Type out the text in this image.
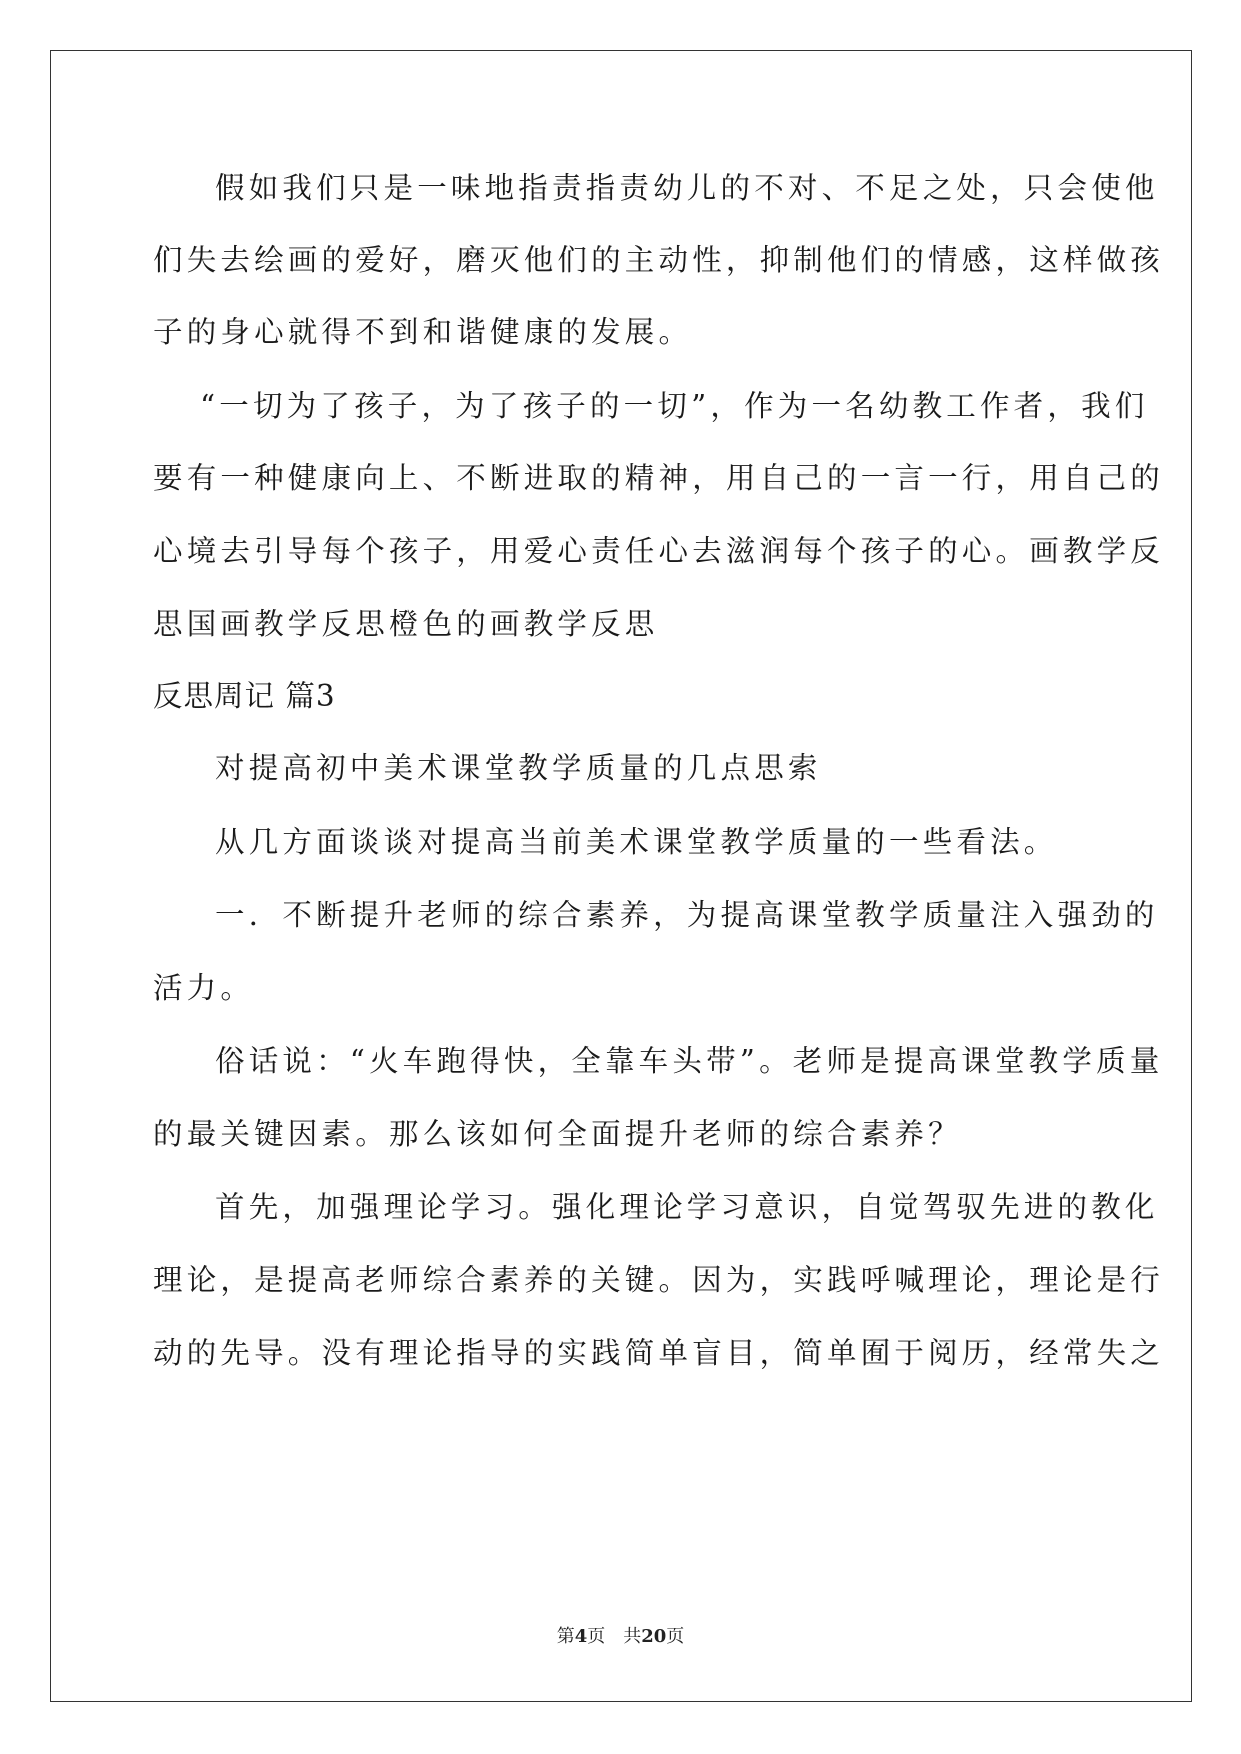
假如我们只是一味地指责指责幼儿的不对、不足之处，只会使他
们失去绘画的爱好，磨灭他们的主动性，抑制他们的情感，这样做孩
子的身心就得不到和谐健康的发展。
“一切为了孩子，为了孩子的一切”，作为一名幼教工作者，我们
要有一种健康向上、不断进取的精神，用自己的一言一行，用自己的
心境去引导每个孩子，用爱心责任心去滋润每个孩子的心。画教学反
思国画教学反思橙色的画教学反思
反思周记 篇3
对提高初中美术课堂教学质量的几点思索
从几方面谈谈对提高当前美术课堂教学质量的一些看法。
一．不断提升老师的综合素养，为提高课堂教学质量注入强劲的
活力。
俗话说：“火车跑得快，全靠车头带”。老师是提高课堂教学质量
的最关键因素。那么该如何全面提升老师的综合素养？
首先，加强理论学习。强化理论学习意识，自觉驾驭先进的教化
理论，是提高老师综合素养的关键。因为，实践呼喊理论，理论是行
动的先导。没有理论指导的实践简单盲目，简单囿于阅历，经常失之
第4页　共20页
